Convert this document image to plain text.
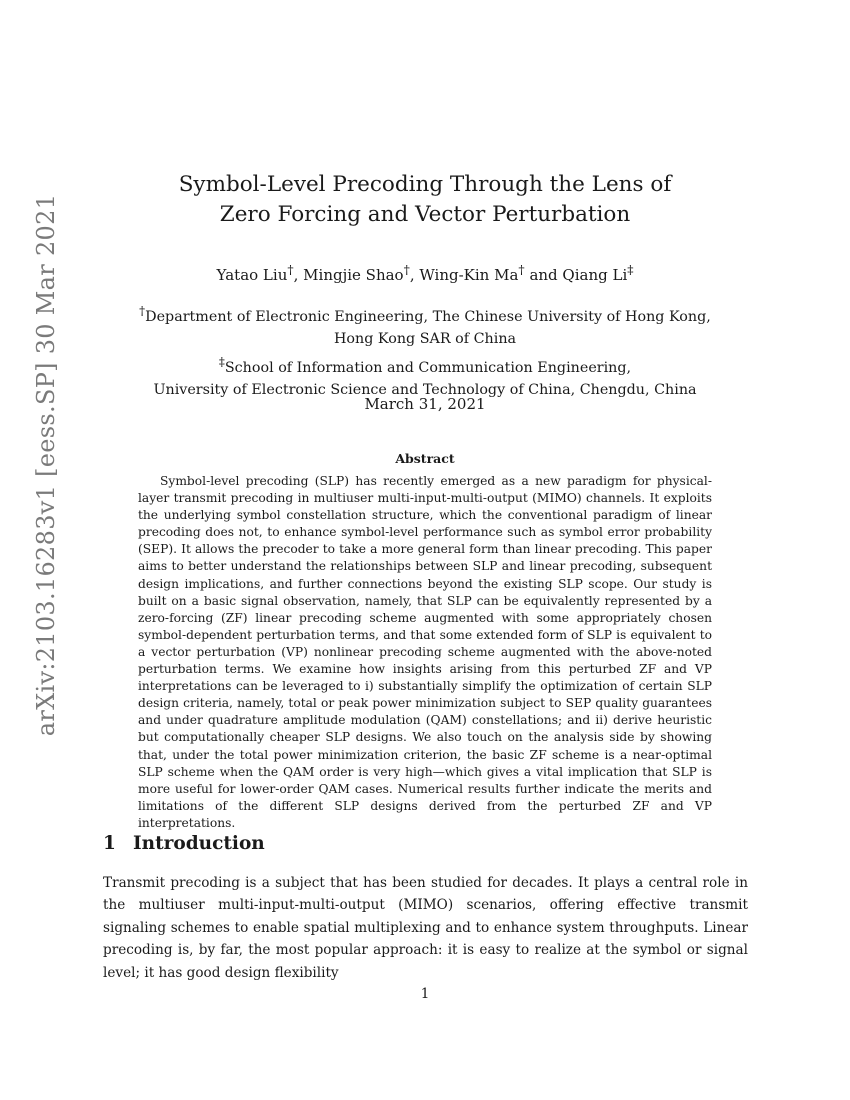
arXiv:2103.16283v1 [eess.SP] 30 Mar 2021
Symbol-Level Precoding Through the Lens of
Zero Forcing and Vector Perturbation
Yatao Liu†, Mingjie Shao†, Wing-Kin Ma† and Qiang Li‡
†Department of Electronic Engineering, The Chinese University of Hong Kong,
Hong Kong SAR of China
‡School of Information and Communication Engineering,
University of Electronic Science and Technology of China, Chengdu, China
March 31, 2021
Abstract

Symbol-level precoding (SLP) has recently emerged as a new paradigm for physical-layer transmit precoding in multiuser multi-input-multi-output (MIMO) channels. It exploits the underlying symbol constellation structure, which the conventional paradigm of linear precoding does not, to enhance symbol-level performance such as symbol error probability (SEP). It allows the precoder to take a more general form than linear precoding. This paper aims to better understand the relationships between SLP and linear precoding, subsequent design implications, and further connections beyond the existing SLP scope. Our study is built on a basic signal observation, namely, that SLP can be equivalently represented by a zero-forcing (ZF) linear precoding scheme augmented with some appropriately chosen symbol-dependent perturbation terms, and that some extended form of SLP is equivalent to a vector perturbation (VP) nonlinear precoding scheme augmented with the above-noted perturbation terms. We examine how insights arising from this perturbed ZF and VP interpretations can be leveraged to i) substantially simplify the optimization of certain SLP design criteria, namely, total or peak power minimization subject to SEP quality guarantees and under quadrature amplitude modulation (QAM) constellations; and ii) derive heuristic but computationally cheaper SLP designs. We also touch on the analysis side by showing that, under the total power minimization criterion, the basic ZF scheme is a near-optimal SLP scheme when the QAM order is very high—which gives a vital implication that SLP is more useful for lower-order QAM cases. Numerical results further indicate the merits and limitations of the different SLP designs derived from the perturbed ZF and VP interpretations.

1 Introduction

Transmit precoding is a subject that has been studied for decades. It plays a central role in the multiuser multi-input-multi-output (MIMO) scenarios, offering effective transmit signaling schemes to enable spatial multiplexing and to enhance system throughputs. Linear precoding is, by far, the most popular approach: it is easy to realize at the symbol or signal level; it has good design flexibility

1
